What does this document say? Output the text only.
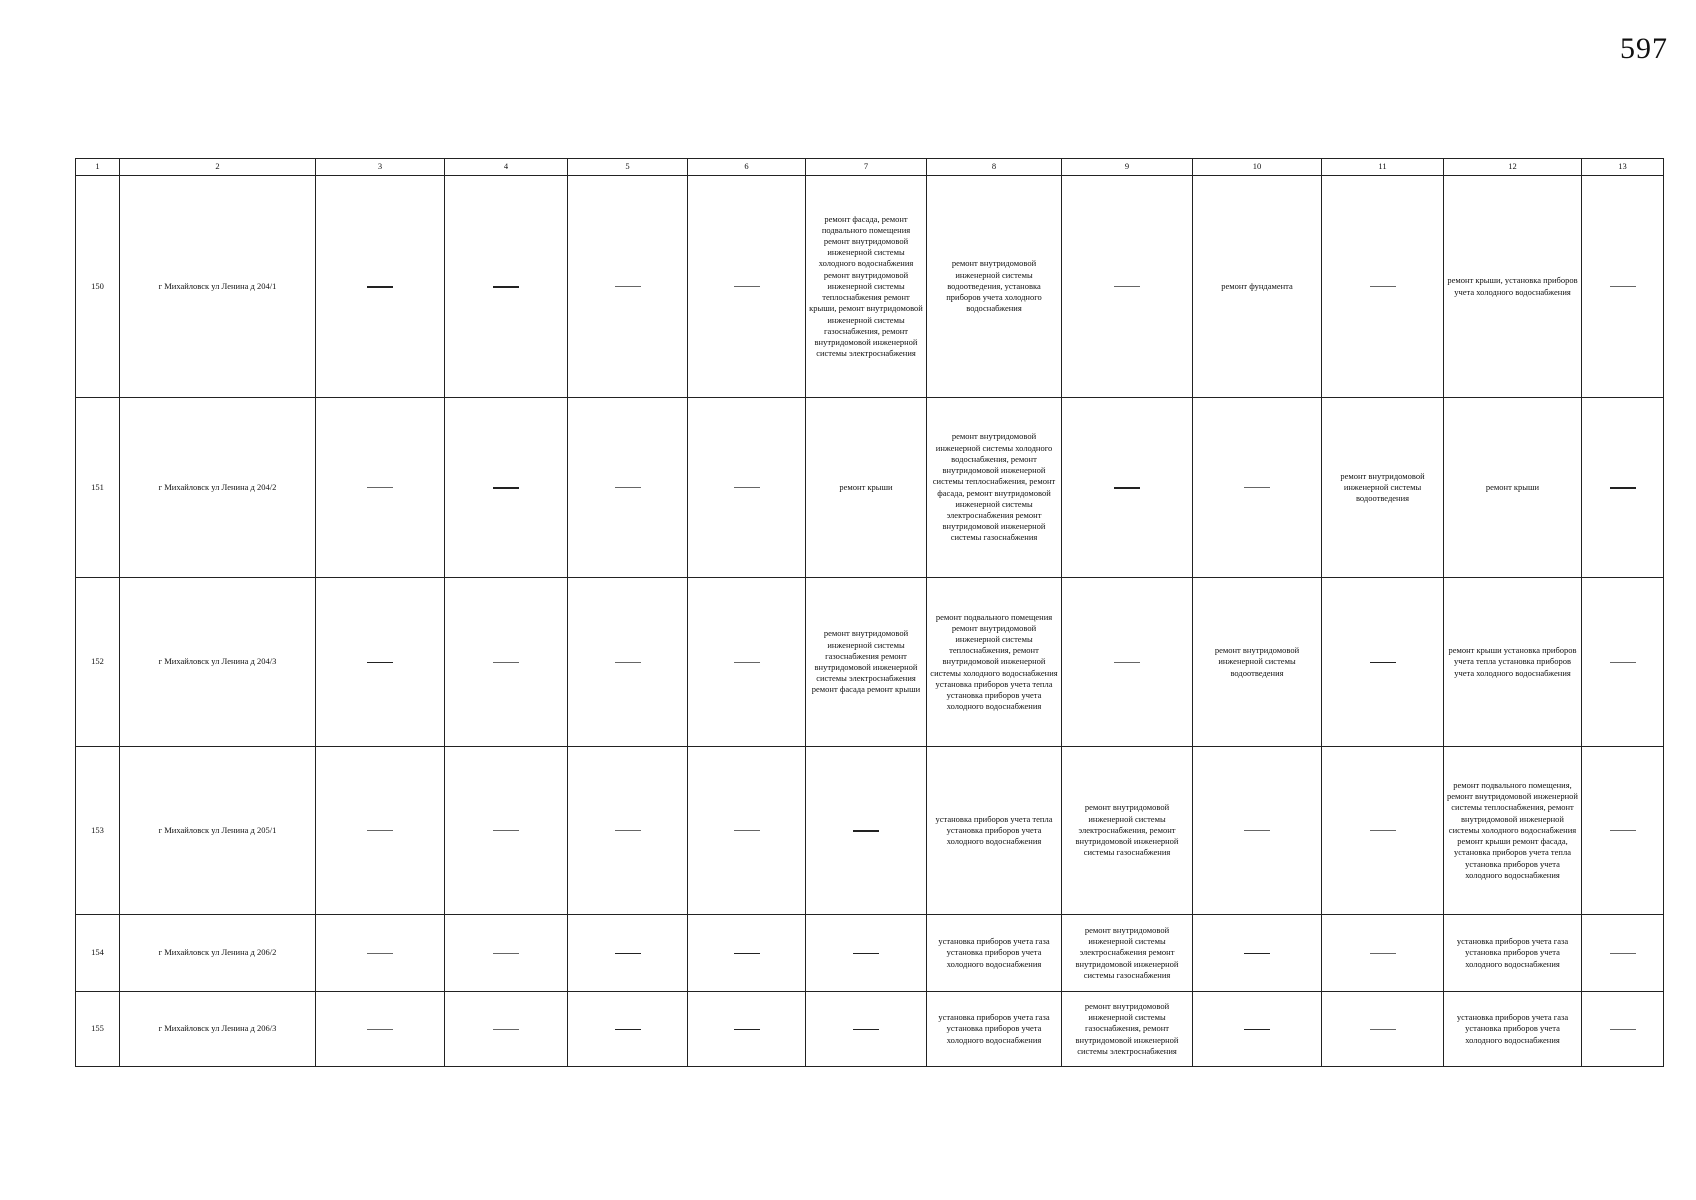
597
1	2	3	4	5	6	7	8	9	10	11	12	13
150	г Михайловск ул Ленина д 204/1					ремонт фасада, ремонт подвального помещения ремонт внутридомовой инженерной системы холодного водоснабжения ремонт внутридомовой инженерной системы теплоснабжения ремонт крыши, ремонт внутридомовой инженерной системы газоснабжения, ремонт внутридомовой инженерной системы электроснабжения	ремонт внутридомовой инженерной системы водоотведения, установка приборов учета холодного водоснабжения		ремонт фундамента		ремонт крыши, установка приборов учета холодного водоснабжения	
151	г Михайловск ул Ленина д 204/2					ремонт крыши	ремонт внутридомовой инженерной системы холодного водоснабжения, ремонт внутридомовой инженерной системы теплоснабжения, ремонт фасада, ремонт внутридомовой инженерной системы электроснабжения ремонт внутридомовой инженерной системы газоснабжения			ремонт внутридомовой инженерной системы водоотведения	ремонт крыши	
152	г Михайловск ул Ленина д 204/3					ремонт внутридомовой инженерной системы газоснабжения ремонт внутридомовой инженерной системы электроснабжения ремонт фасада ремонт крыши	ремонт подвального помещения ремонт внутридомовой инженерной системы теплоснабжения, ремонт внутридомовой инженерной системы холодного водоснабжения установка приборов учета тепла установка приборов учета холодного водоснабжения		ремонт внутридомовой инженерной системы водоотведения		ремонт крыши установка приборов учета тепла установка приборов учета холодного водоснабжения	
153	г Михайловск ул Ленина д 205/1						установка приборов учета тепла установка приборов учета холодного водоснабжения	ремонт внутридомовой инженерной системы электроснабжения, ремонт внутридомовой инженерной системы газоснабжения			ремонт подвального помещения, ремонт внутридомовой инженерной системы теплоснабжения, ремонт внутридомовой инженерной системы холодного водоснабжения ремонт крыши ремонт фасада, установка приборов учета тепла установка приборов учета холодного водоснабжения	
154	г Михайловск ул Ленина д 206/2						установка приборов учета газа установка приборов учета холодного водоснабжения	ремонт внутридомовой инженерной системы электроснабжения ремонт внутридомовой инженерной системы газоснабжения			установка приборов учета газа установка приборов учета холодного водоснабжения	
155	г Михайловск ул Ленина д 206/3						установка приборов учета газа установка приборов учета холодного водоснабжения	ремонт внутридомовой инженерной системы газоснабжения, ремонт внутридомовой инженерной системы электроснабжения			установка приборов учета газа установка приборов учета холодного водоснабжения	
